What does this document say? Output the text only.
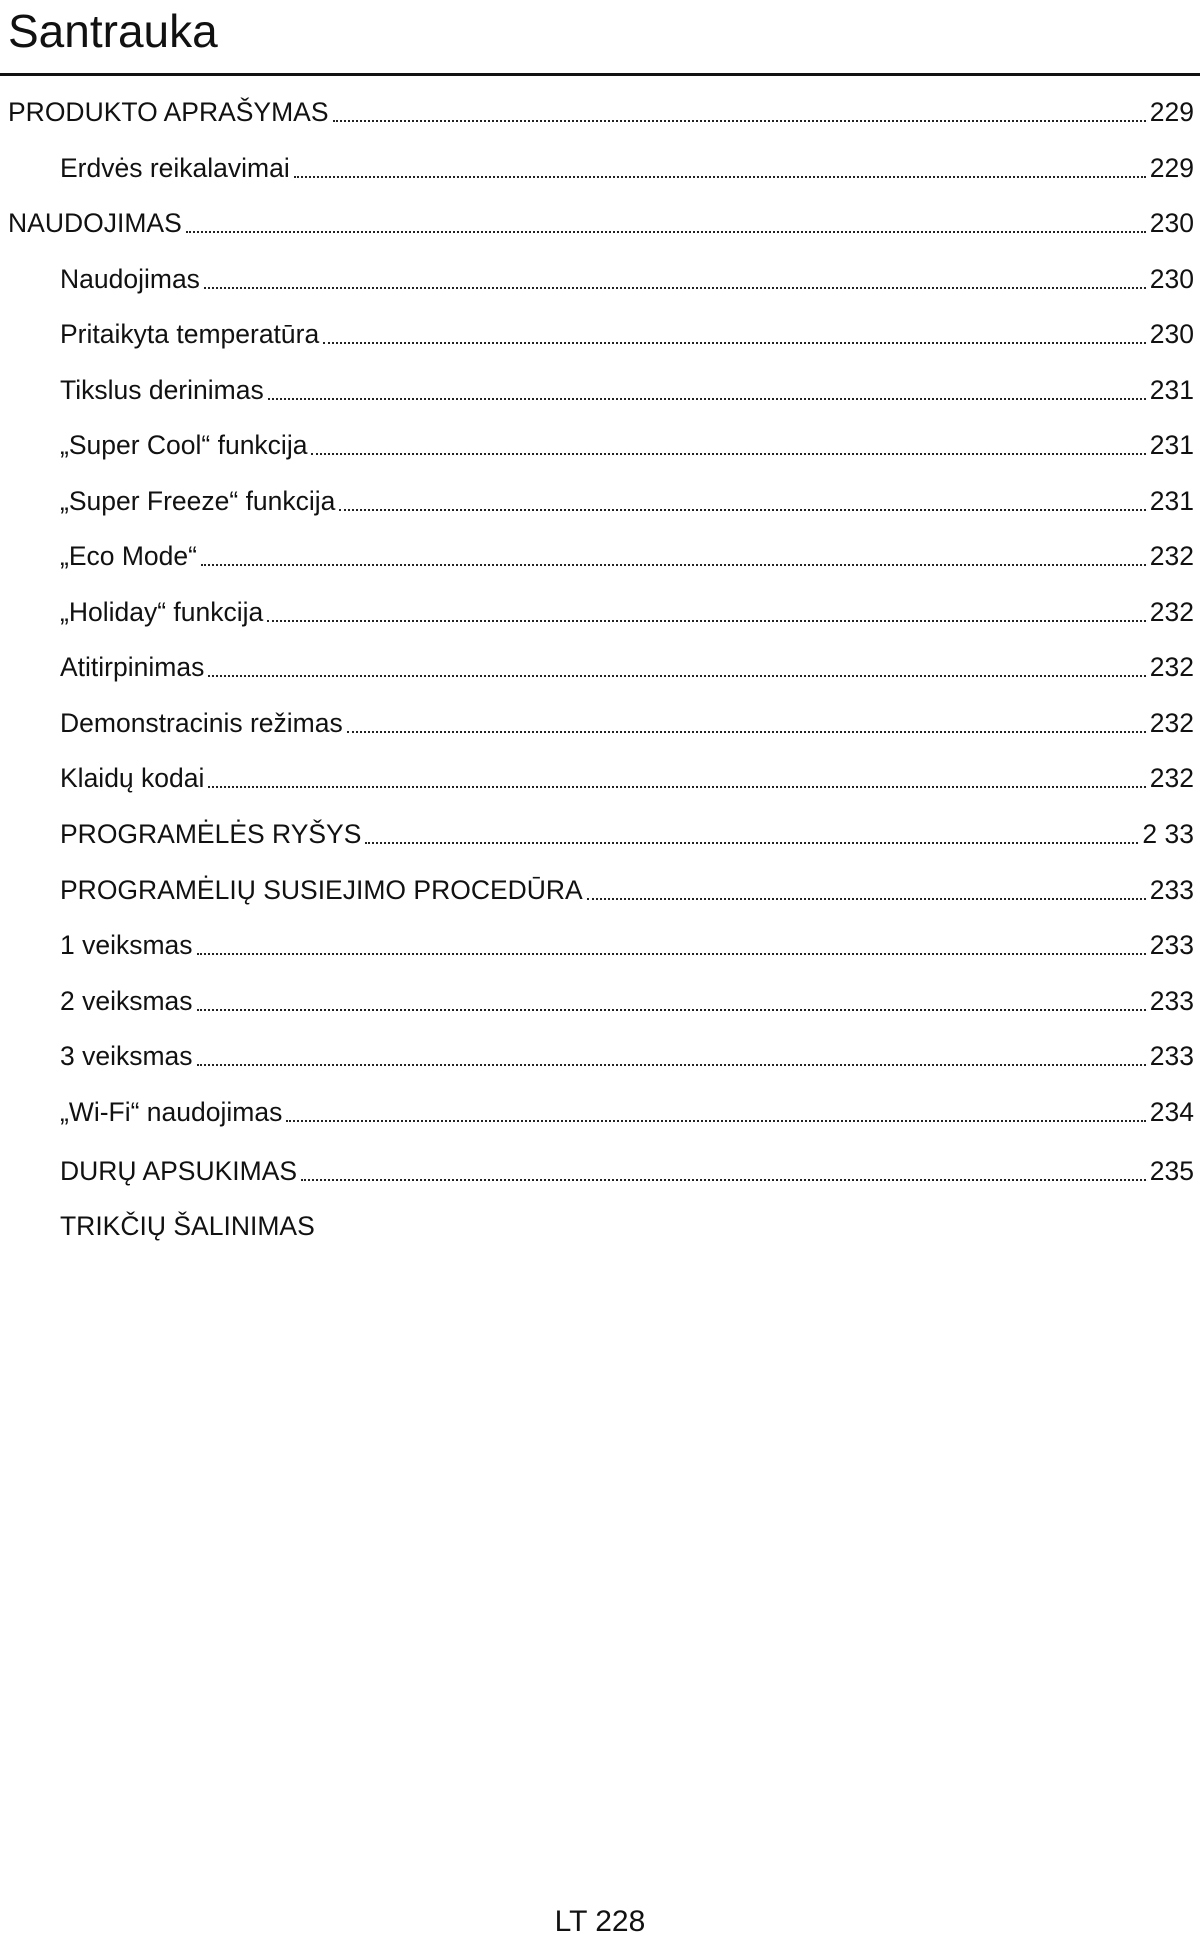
Santrauka
PRODUKTO APRAŠYMAS	229
Erdvės reikalavimai	229
NAUDOJIMAS	230
Naudojimas	230
Pritaikyta temperatūra	230
Tikslus derinimas	231
„Super Cool“ funkcija	231
„Super Freeze“ funkcija	231
„Eco Mode“	232
„Holiday“ funkcija	232
Atitirpinimas	232
Demonstracinis režimas	232
Klaidų kodai	232
PROGRAMĖLĖS RYŠYS	2 33
PROGRAMĖLIŲ SUSIEJIMO PROCEDŪRA	233
1 veiksmas	233
2 veiksmas	233
3 veiksmas	233
„Wi-Fi“ naudojimas	234
DURŲ APSUKIMAS	235
TRIKČIŲ ŠALINIMAS
LT 228
